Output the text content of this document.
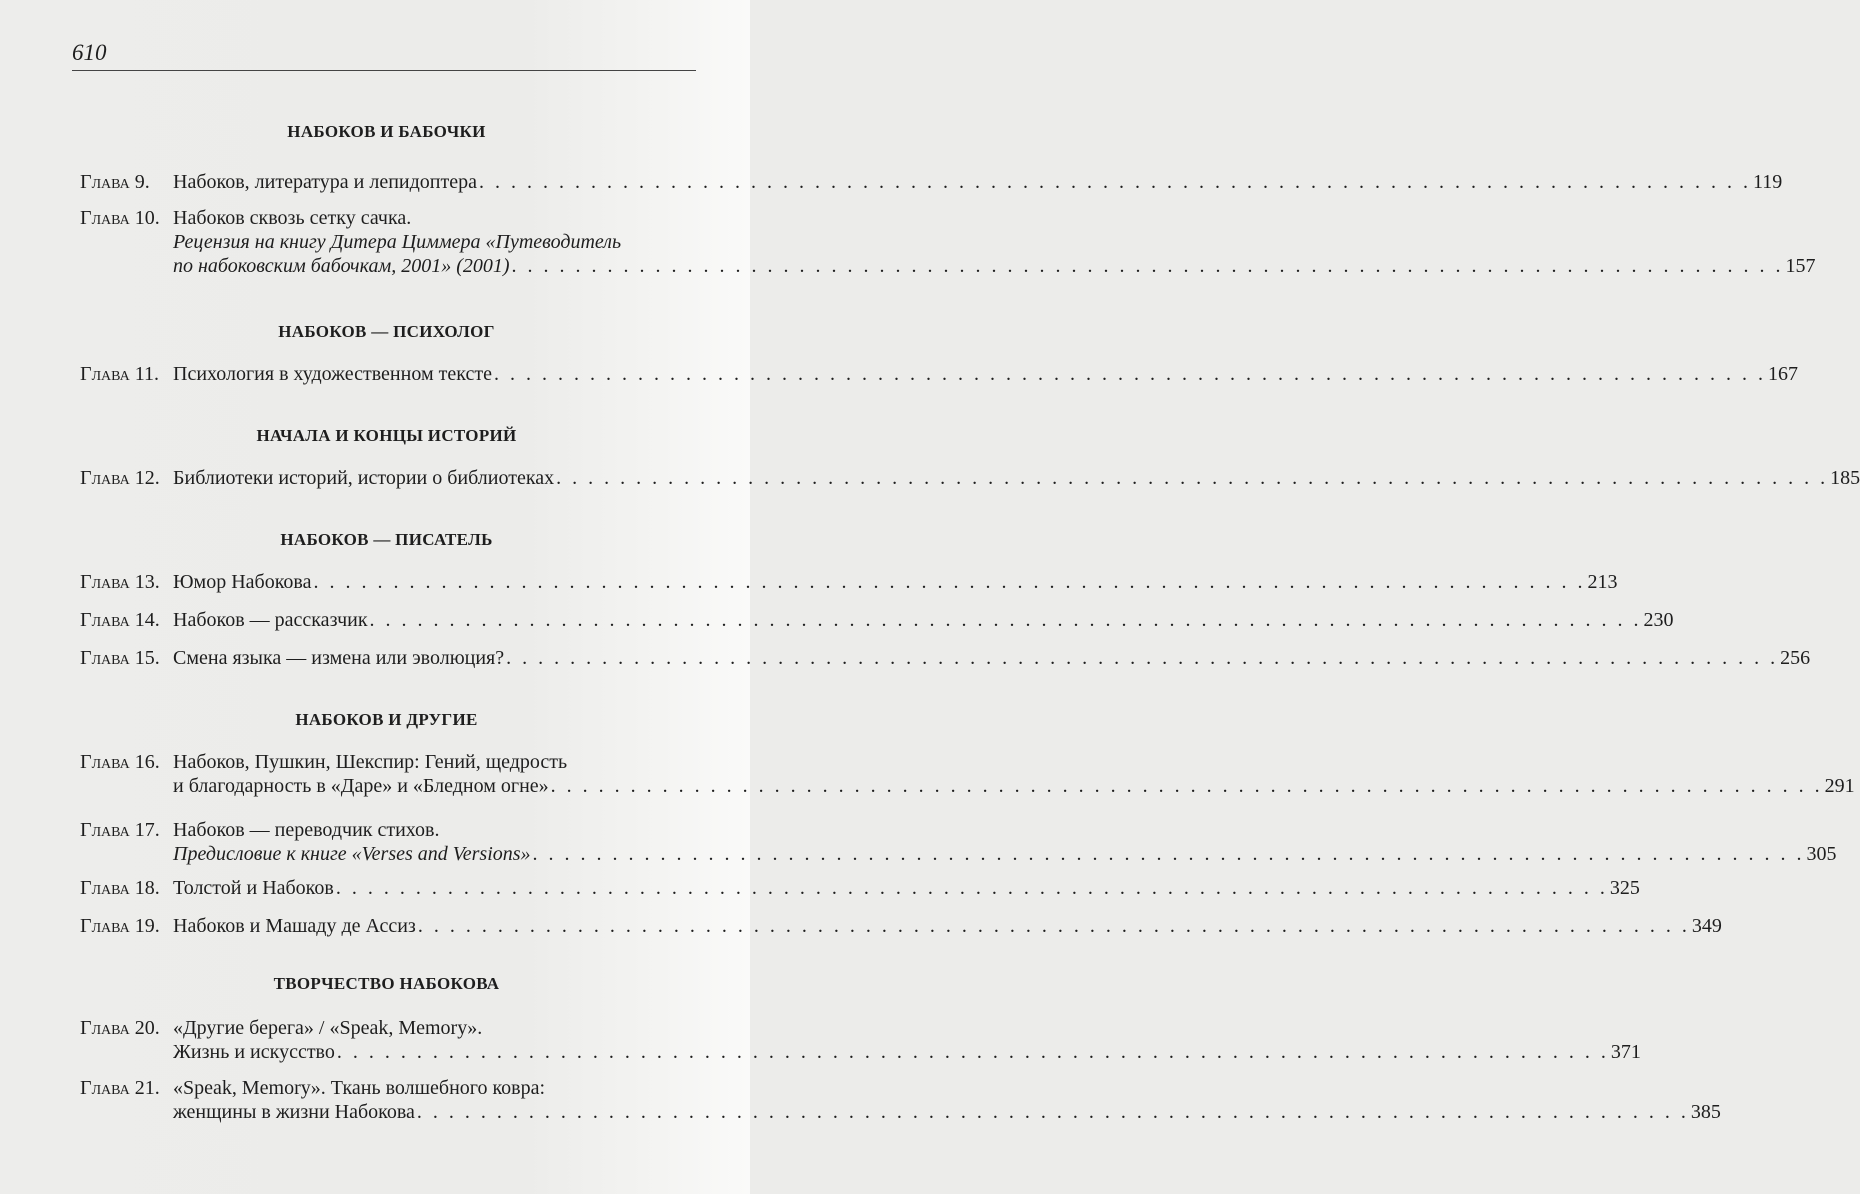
610
НАБОКОВ И БАБОЧКИ
Глава 9. Набоков, литература и лепидоптера . . . . . . . . . . . . . . . . . . . . . . . . . . . . . . . . . . . . . . . . . . . . . . . . . . . . . . . . . . . . . . . . . . . . . . . . . . . . . . . . 119
Глава 10. Набоков сквозь сетку сачка.
Рецензия на книгу Дитера Циммера «Путеводитель
по набоковским бабочкам, 2001» (2001) . . . . . . . . . . . . . . . . . . . . . . . . . . . . . . . . . . . . . . . . . . . . . . . . . . . . . . . . . . . . . . . . . . . . . . . . . . . . . . . . 157
НАБОКОВ — ПСИХОЛОГ
Глава 11. Психология в художественном тексте . . . . . . . . . . . . . . . . . . . . . . . . . . . . . . . . . . . . . . . . . . . . . . . . . . . . . . . . . . . . . . . . . . . . . . . . . . . . . . . . 167
НАЧАЛА И КОНЦЫ ИСТОРИЙ
Глава 12. Библиотеки историй, истории о библиотеках . . . . . . . . . . . . . . . . . . . . . . . . . . . . . . . . . . . . . . . . . . . . . . . . . . . . . . . . . . . . . . . . . . . . . . . . . . . . . . . . 185
НАБОКОВ — ПИСАТЕЛЬ
Глава 13. Юмор Набокова . . . . . . . . . . . . . . . . . . . . . . . . . . . . . . . . . . . . . . . . . . . . . . . . . . . . . . . . . . . . . . . . . . . . . . . . . . . . . . . . 213
Глава 14. Набоков — рассказчик . . . . . . . . . . . . . . . . . . . . . . . . . . . . . . . . . . . . . . . . . . . . . . . . . . . . . . . . . . . . . . . . . . . . . . . . . . . . . . . . 230
Глава 15. Смена языка — измена или эволюция? . . . . . . . . . . . . . . . . . . . . . . . . . . . . . . . . . . . . . . . . . . . . . . . . . . . . . . . . . . . . . . . . . . . . . . . . . . . . . . . . 256
НАБОКОВ И ДРУГИЕ
Глава 16. Набоков, Пушкин, Шекспир: Гений, щедрость
и благодарность в «Даре» и «Бледном огне» . . . . . . . . . . . . . . . . . . . . . . . . . . . . . . . . . . . . . . . . . . . . . . . . . . . . . . . . . . . . . . . . . . . . . . . . . . . . . . . . 291
Глава 17. Набоков — переводчик стихов.
Предисловие к книге «Verses and Versions» . . . . . . . . . . . . . . . . . . . . . . . . . . . . . . . . . . . . . . . . . . . . . . . . . . . . . . . . . . . . . . . . . . . . . . . . . . . . . . . . 305
Глава 18. Толстой и Набоков . . . . . . . . . . . . . . . . . . . . . . . . . . . . . . . . . . . . . . . . . . . . . . . . . . . . . . . . . . . . . . . . . . . . . . . . . . . . . . . . 325
Глава 19. Набоков и Машаду де Ассиз . . . . . . . . . . . . . . . . . . . . . . . . . . . . . . . . . . . . . . . . . . . . . . . . . . . . . . . . . . . . . . . . . . . . . . . . . . . . . . . . 349
ТВОРЧЕСТВО НАБОКОВА
Глава 20. «Другие берега» / «Speak, Memory».
Жизнь и искусство . . . . . . . . . . . . . . . . . . . . . . . . . . . . . . . . . . . . . . . . . . . . . . . . . . . . . . . . . . . . . . . . . . . . . . . . . . . . . . . . 371
Глава 21. «Speak, Memory». Ткань волшебного ковра:
женщины в жизни Набокова . . . . . . . . . . . . . . . . . . . . . . . . . . . . . . . . . . . . . . . . . . . . . . . . . . . . . . . . . . . . . . . . . . . . . . . . . . . . . . . . 385
